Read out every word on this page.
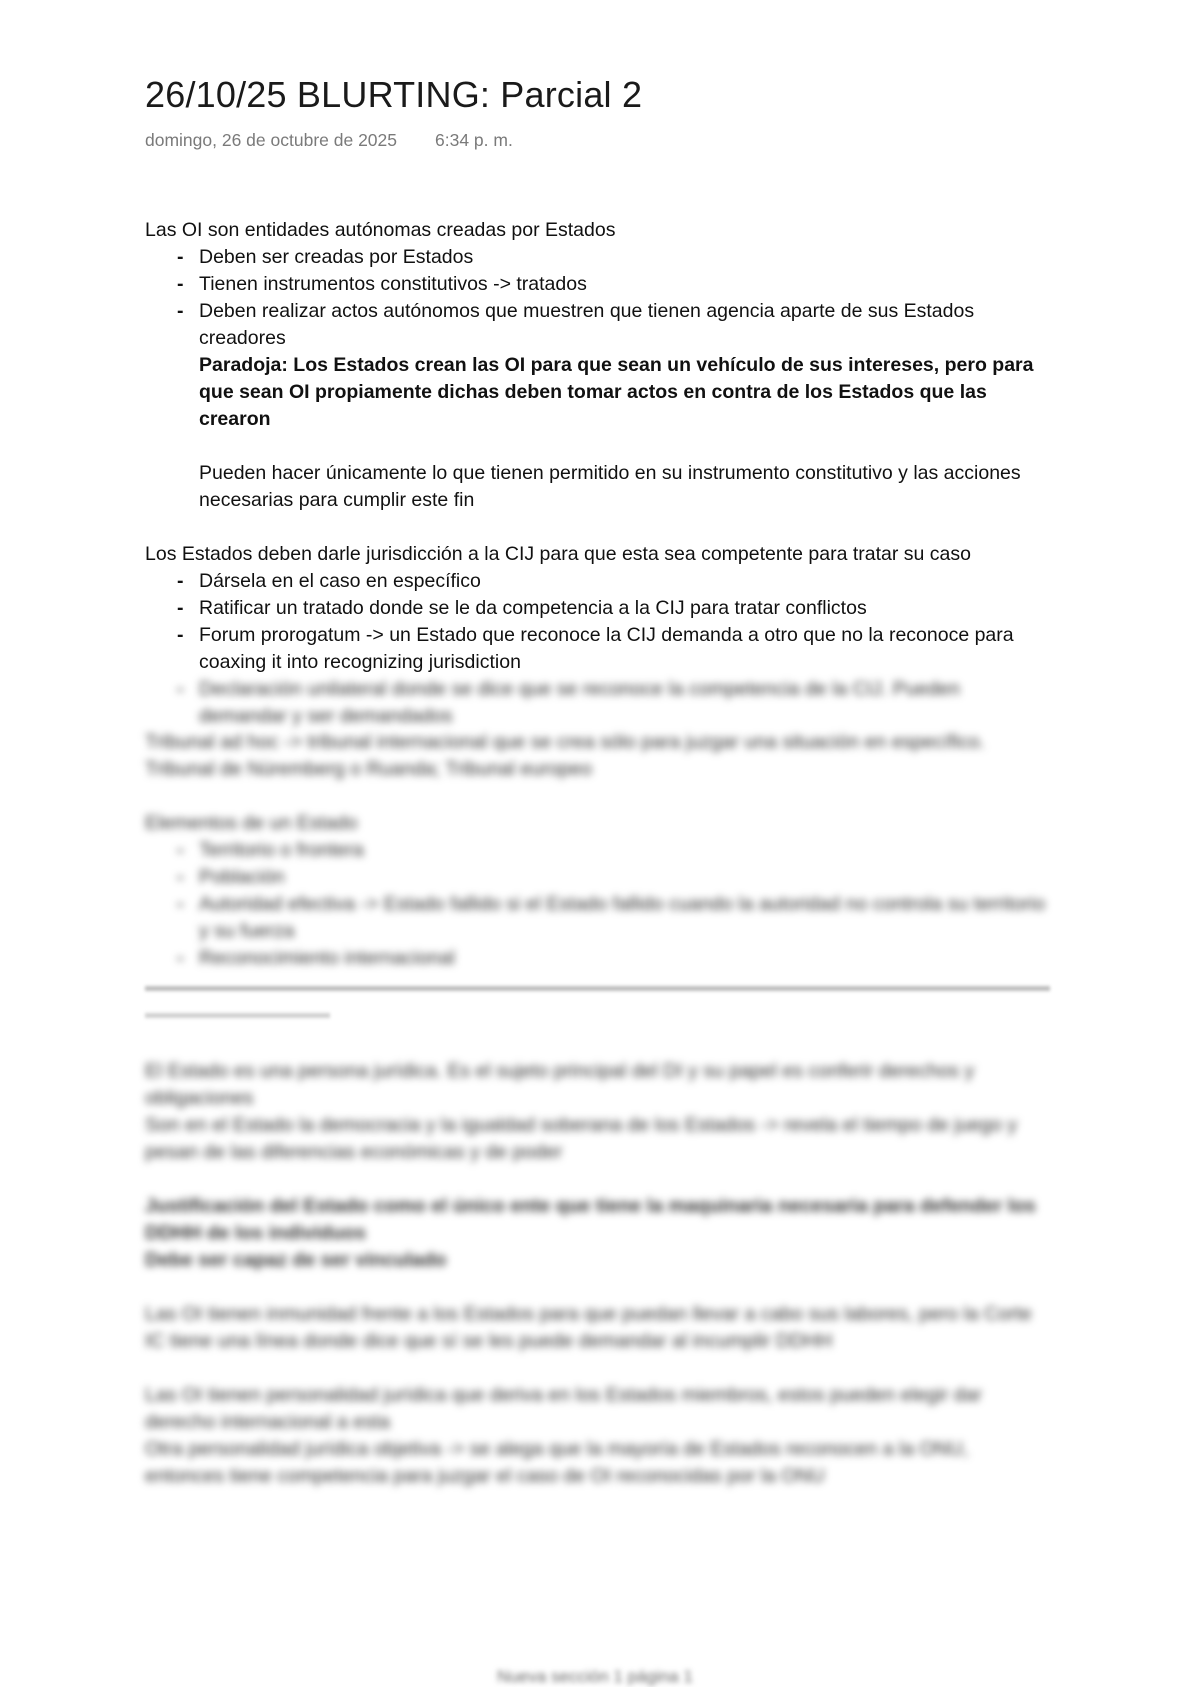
26/10/25 BLURTING: Parcial 2
domingo, 26 de octubre de 2025 6:34 p. m.

Las OI son entidades autónomas creadas por Estados

- Deben ser creadas por Estados
- Tienen instrumentos constitutivos -> tratados
- Deben realizar actos autónomos que muestren que tienen agencia aparte de sus Estados creadores

Paradoja: Los Estados crean las OI para que sean un vehículo de sus intereses, pero para que sean OI propiamente dichas deben tomar actos en contra de los Estados que las crearon

Pueden hacer únicamente lo que tienen permitido en su instrumento constitutivo y las acciones necesarias para cumplir este fin

Los Estados deben darle jurisdicción a la CIJ para que esta sea competente para tratar su caso

- Dársela en el caso en específico
- Ratificar un tratado donde se le da competencia a la CIJ para tratar conflictos
- Forum prorogatum -> un Estado que reconoce la CIJ demanda a otro que no la reconoce para coaxing it into recognizing jurisdiction
- Declaración unilateral donde se dice que se reconoce la competencia de la CIJ. Pueden demandar y ser demandados

Tribunal ad hoc -> tribunal internacional que se crea sólo para juzgar una situación en específico.

Tribunal de Núremberg o Ruanda; Tribunal europeo

Elementos de un Estado

- Territorio o frontera
- Población
- Autoridad efectiva -> Estado fallido si el Estado fallido cuando la autoridad no controla su territorio y su fuerza
- Reconocimiento internacional

El Estado es una persona jurídica. Es el sujeto principal del DI y su papel es conferir derechos y obligaciones

Son en el Estado la democracia y la igualdad soberana de los Estados -> revela el tiempo de juego y pesan de las diferencias económicas y de poder

Justificación del Estado como el único ente que tiene la maquinaria necesaria para defender los DDHH de los individuos

Debe ser capaz de ser vinculado

Las OI tienen inmunidad frente a los Estados para que puedan llevar a cabo sus labores, pero la Corte IC tiene una línea donde dice que sí se les puede demandar al incumplir DDHH

Las OI tienen personalidad jurídica que deriva en los Estados miembros, estos pueden elegir dar derecho internacional a esta

Otra personalidad jurídica objetiva -> se alega que la mayoría de Estados reconocen a la ONU, entonces tiene competencia para juzgar el caso de OI reconocidas por la ONU

Nueva sección 1 página 1
